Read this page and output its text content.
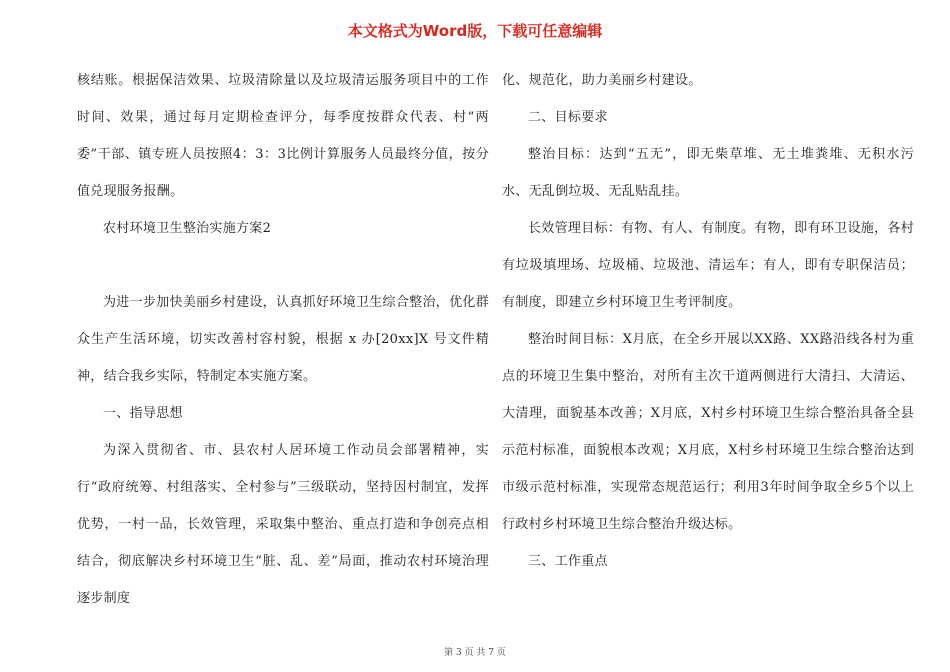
本文格式为Word版，下载可任意编辑

核结账。根据保洁效果、垃圾清除量以及垃圾清运服务项目中的工作时间、效果，通过每月定期检查评分，每季度按群众代表、村“两委”干部、镇专班人员按照4：3：3比例计算服务人员最终分值，按分值兑现服务报酬。

农村环境卫生整治实施方案2

为进一步加快美丽乡村建设，认真抓好环境卫生综合整治，优化群众生产生活环境，切实改善村容村貌，根据 x 办[20xx]X 号文件精神，结合我乡实际，特制定本实施方案。

一、指导思想

为深入贯彻省、市、县农村人居环境工作动员会部署精神，实行“政府统筹、村组落实、全村参与”三级联动，坚持因村制宜，发挥优势，一村一品，长效管理，采取集中整治、重点打造和争创亮点相结合，彻底解决乡村环境卫生“脏、乱、差”局面，推动农村环境治理逐步制度

化、规范化，助力美丽乡村建设。

二、目标要求

整治目标：达到“五无”，即无柴草堆、无土堆粪堆、无积水污水、无乱倒垃圾、无乱贴乱挂。

长效管理目标：有物、有人、有制度。有物，即有环卫设施，各村有垃圾填埋场、垃圾桶、垃圾池、清运车；有人，即有专职保洁员；有制度，即建立乡村环境卫生考评制度。

整治时间目标：X月底，在全乡开展以XX路、XX路沿线各村为重点的环境卫生集中整治，对所有主次干道两侧进行大清扫、大清运、大清理，面貌基本改善；X月底，X村乡村环境卫生综合整治具备全县示范村标准，面貌根本改观；X月底，X村乡村环境卫生综合整治达到市级示范村标准，实现常态规范运行；利用3年时间争取全乡5个以上行政村乡村环境卫生综合整治升级达标。

三、工作重点

第 3 页 共 7 页
